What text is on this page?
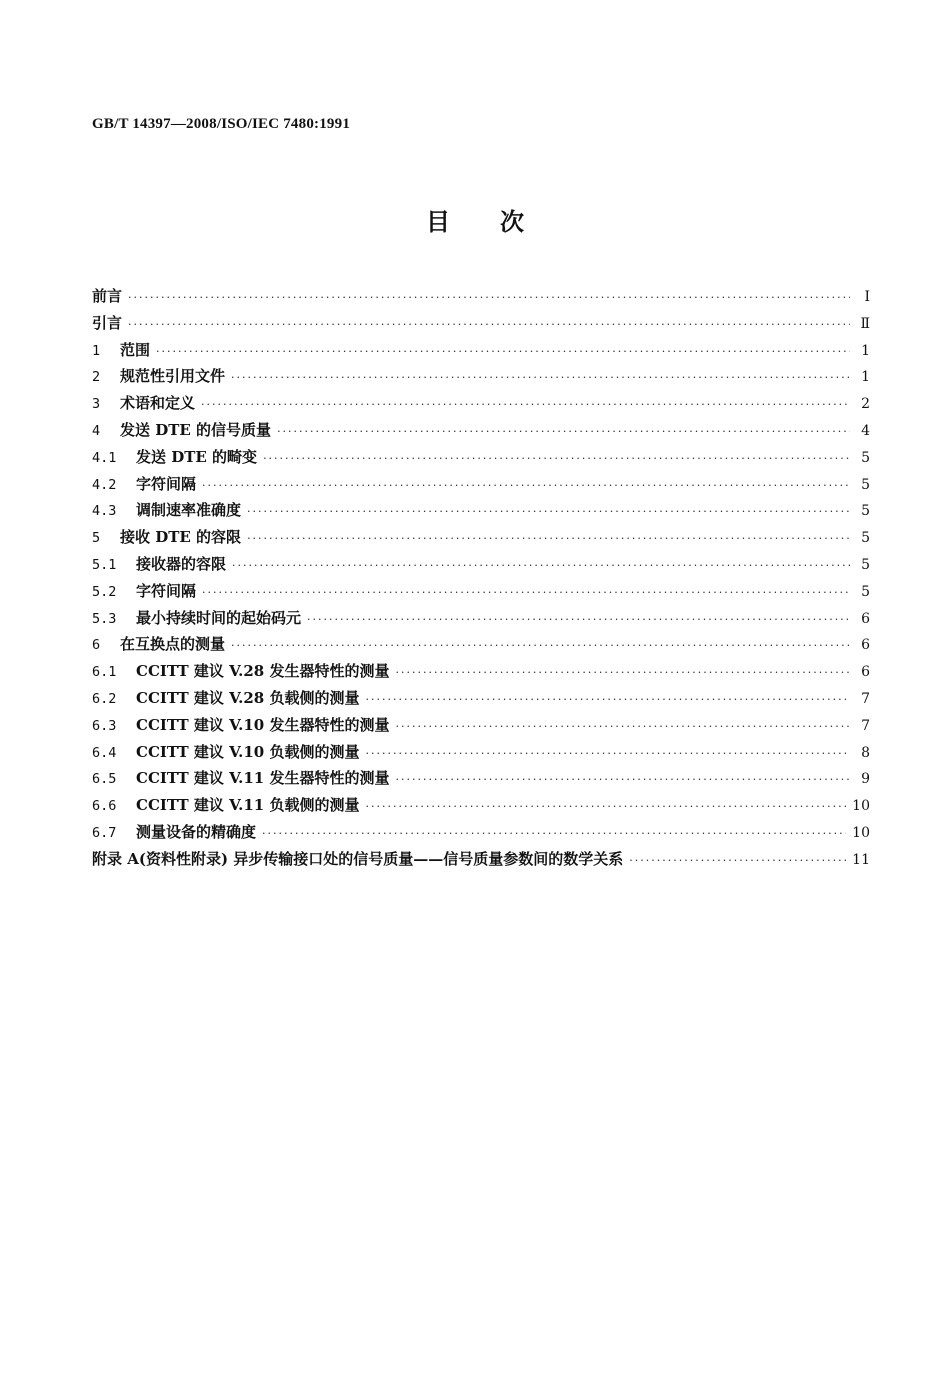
GB/T 14397—2008/ISO/IEC 7480:1991
目次
前言 ·····	I
引言 ·····	Ⅱ
1	范围 ·····	1
2	规范性引用文件 ·····	1
3	术语和定义 ·····	2
4	发送 DTE 的信号质量 ·····	4
4.1	发送 DTE 的畸变 ·····	5
4.2	字符间隔 ·····	5
4.3	调制速率准确度 ·····	5
5	接收 DTE 的容限 ·····	5
5.1	接收器的容限 ·····	5
5.2	字符间隔 ·····	5
5.3	最小持续时间的起始码元 ·····	6
6	在互换点的测量 ·····	6
6.1	CCITT 建议 V.28 发生器特性的测量 ·····	6
6.2	CCITT 建议 V.28 负载侧的测量 ·····	7
6.3	CCITT 建议 V.10 发生器特性的测量 ·····	7
6.4	CCITT 建议 V.10 负载侧的测量 ·····	8
6.5	CCITT 建议 V.11 发生器特性的测量 ·····	9
6.6	CCITT 建议 V.11 负载侧的测量 ·····	10
6.7	测量设备的精确度 ·····	10
附录 A(资料性附录) 异步传输接口处的信号质量——信号质量参数间的数学关系 ·····	11
